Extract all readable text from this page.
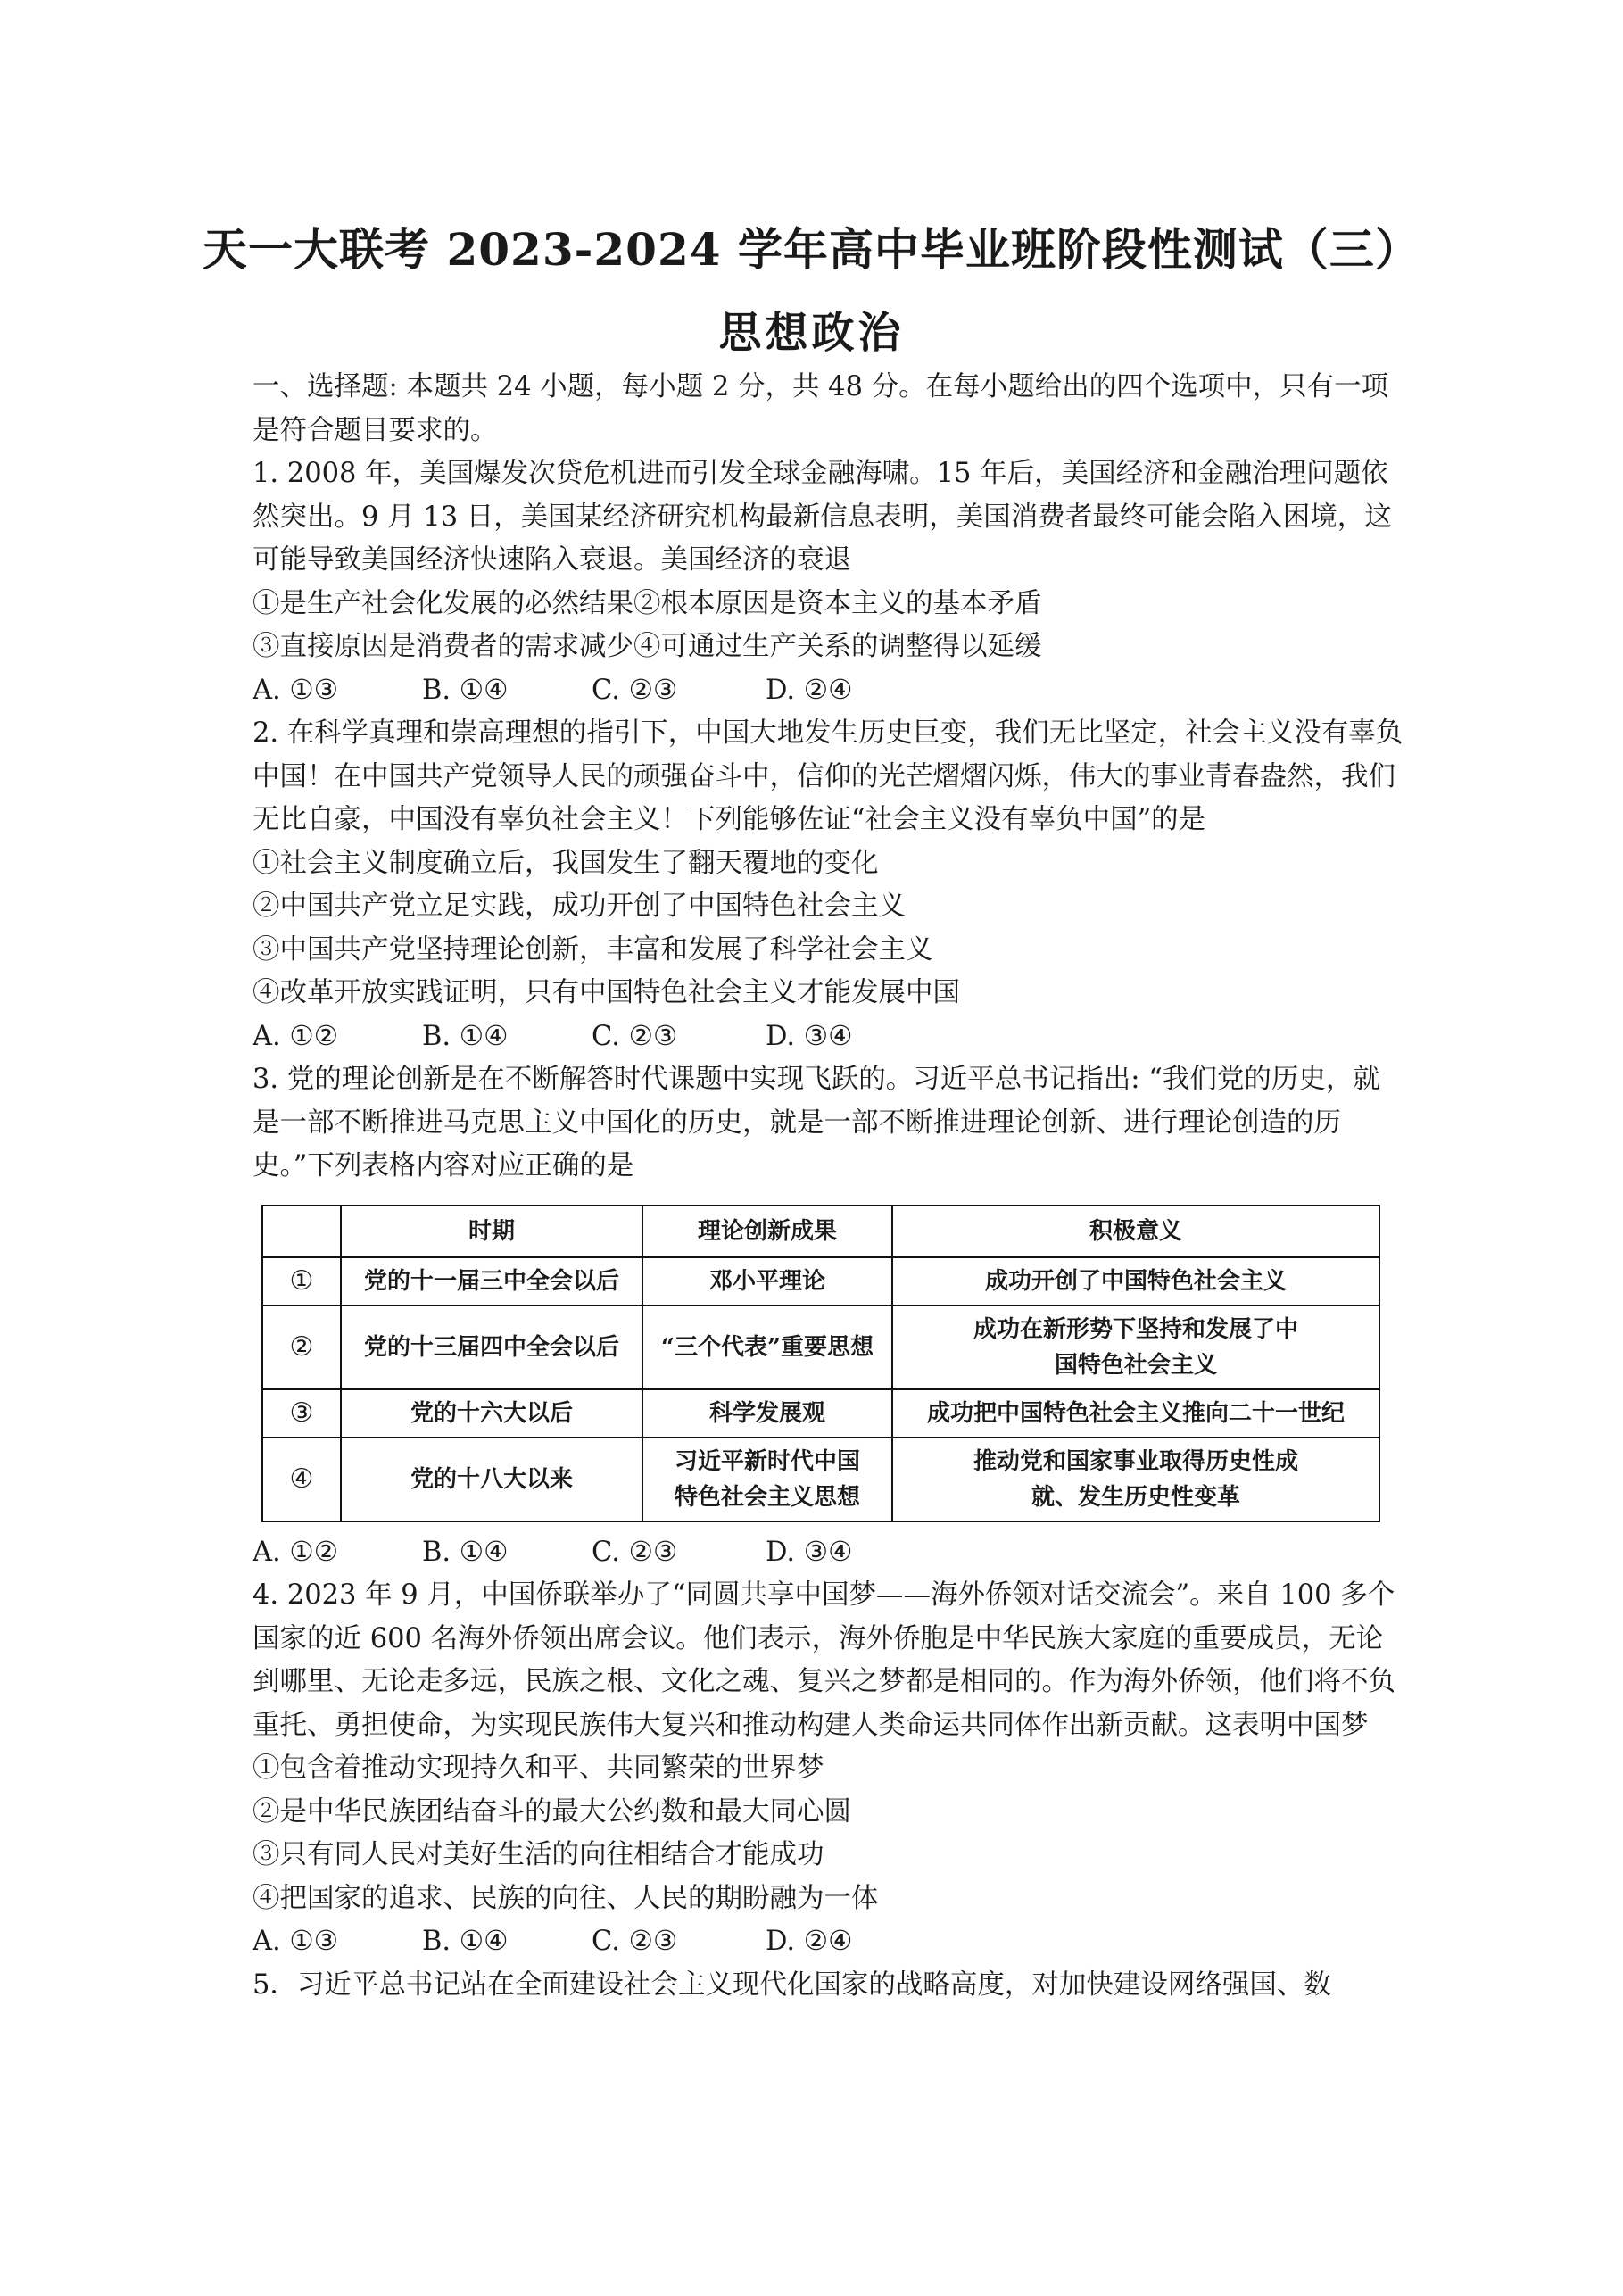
天一大联考 2023-2024 学年高中毕业班阶段性测试（三）
思想政治

一、选择题: 本题共 24 小题，每小题 2 分，共 48 分。在每小题给出的四个选项中，只有一项是符合题目要求的。

1. 2008 年，美国爆发次贷危机进而引发全球金融海啸。15 年后，美国经济和金融治理问题依然突出。9 月 13 日，美国某经济研究机构最新信息表明，美国消费者最终可能会陷入困境，这可能导致美国经济快速陷入衰退。美国经济的衰退

①是生产社会化发展的必然结果②根本原因是资本主义的基本矛盾

③直接原因是消费者的需求减少④可通过生产关系的调整得以延缓

A. ①③	B. ①④	C. ②③	D. ②④

2. 在科学真理和崇高理想的指引下，中国大地发生历史巨变，我们无比坚定，社会主义没有辜负中国！在中国共产党领导人民的顽强奋斗中，信仰的光芒熠熠闪烁，伟大的事业青春盎然，我们无比自豪，中国没有辜负社会主义！下列能够佐证“社会主义没有辜负中国”的是

①社会主义制度确立后，我国发生了翻天覆地的变化

②中国共产党立足实践，成功开创了中国特色社会主义

③中国共产党坚持理论创新，丰富和发展了科学社会主义

④改革开放实践证明，只有中国特色社会主义才能发展中国

A. ①②	B. ①④	C. ②③	D. ③④

3. 党的理论创新是在不断解答时代课题中实现飞跃的。习近平总书记指出: “我们党的历史，就是一部不断推进马克思主义中国化的历史，就是一部不断推进理论创新、进行理论创造的历史。”下列表格内容对应正确的是

	时期	理论创新成果	积极意义
①	党的十一届三中全会以后	邓小平理论	成功开创了中国特色社会主义
②	党的十三届四中全会以后	“三个代表”重要思想	成功在新形势下坚持和发展了中国特色社会主义
③	党的十六大以后	科学发展观	成功把中国特色社会主义推向二十一世纪
④	党的十八大以来	习近平新时代中国特色社会主义思想	推动党和国家事业取得历史性成就、发生历史性变革

A. ①②	B. ①④	C. ②③	D. ③④

4. 2023 年 9 月，中国侨联举办了“同圆共享中国梦——海外侨领对话交流会”。来自 100 多个国家的近 600 名海外侨领出席会议。他们表示，海外侨胞是中华民族大家庭的重要成员，无论到哪里、无论走多远，民族之根、文化之魂、复兴之梦都是相同的。作为海外侨领，他们将不负重托、勇担使命，为实现民族伟大复兴和推动构建人类命运共同体作出新贡献。这表明中国梦

①包含着推动实现持久和平、共同繁荣的世界梦

②是中华民族团结奋斗的最大公约数和最大同心圆

③只有同人民对美好生活的向往相结合才能成功

④把国家的追求、民族的向往、人民的期盼融为一体

A. ①③	B. ①④	C. ②③	D. ②④

5．习近平总书记站在全面建设社会主义现代化国家的战略高度，对加快建设网络强国、数
